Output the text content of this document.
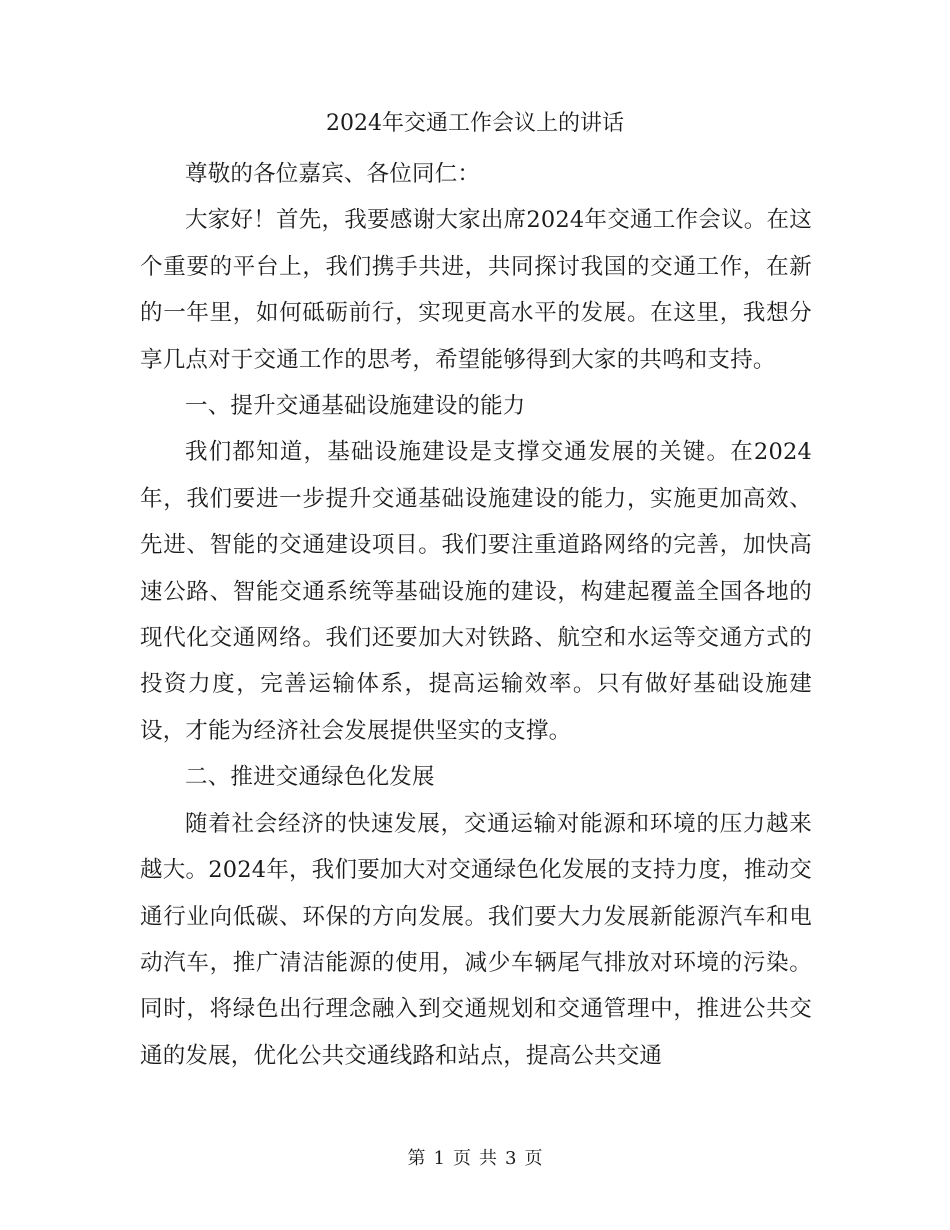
2024年交通工作会议上的讲话

尊敬的各位嘉宾、各位同仁：

大家好！首先，我要感谢大家出席2024年交通工作会议。在这个重要的平台上，我们携手共进，共同探讨我国的交通工作，在新的一年里，如何砥砺前行，实现更高水平的发展。在这里，我想分享几点对于交通工作的思考，希望能够得到大家的共鸣和支持。

一、提升交通基础设施建设的能力

我们都知道，基础设施建设是支撑交通发展的关键。在2024年，我们要进一步提升交通基础设施建设的能力，实施更加高效、先进、智能的交通建设项目。我们要注重道路网络的完善，加快高速公路、智能交通系统等基础设施的建设，构建起覆盖全国各地的现代化交通网络。我们还要加大对铁路、航空和水运等交通方式的投资力度，完善运输体系，提高运输效率。只有做好基础设施建设，才能为经济社会发展提供坚实的支撑。

二、推进交通绿色化发展

随着社会经济的快速发展，交通运输对能源和环境的压力越来越大。2024年，我们要加大对交通绿色化发展的支持力度，推动交通行业向低碳、环保的方向发展。我们要大力发展新能源汽车和电动汽车，推广清洁能源的使用，减少车辆尾气排放对环境的污染。同时，将绿色出行理念融入到交通规划和交通管理中，推进公共交通的发展，优化公共交通线路和站点，提高公共交通

第 1 页 共 3 页
